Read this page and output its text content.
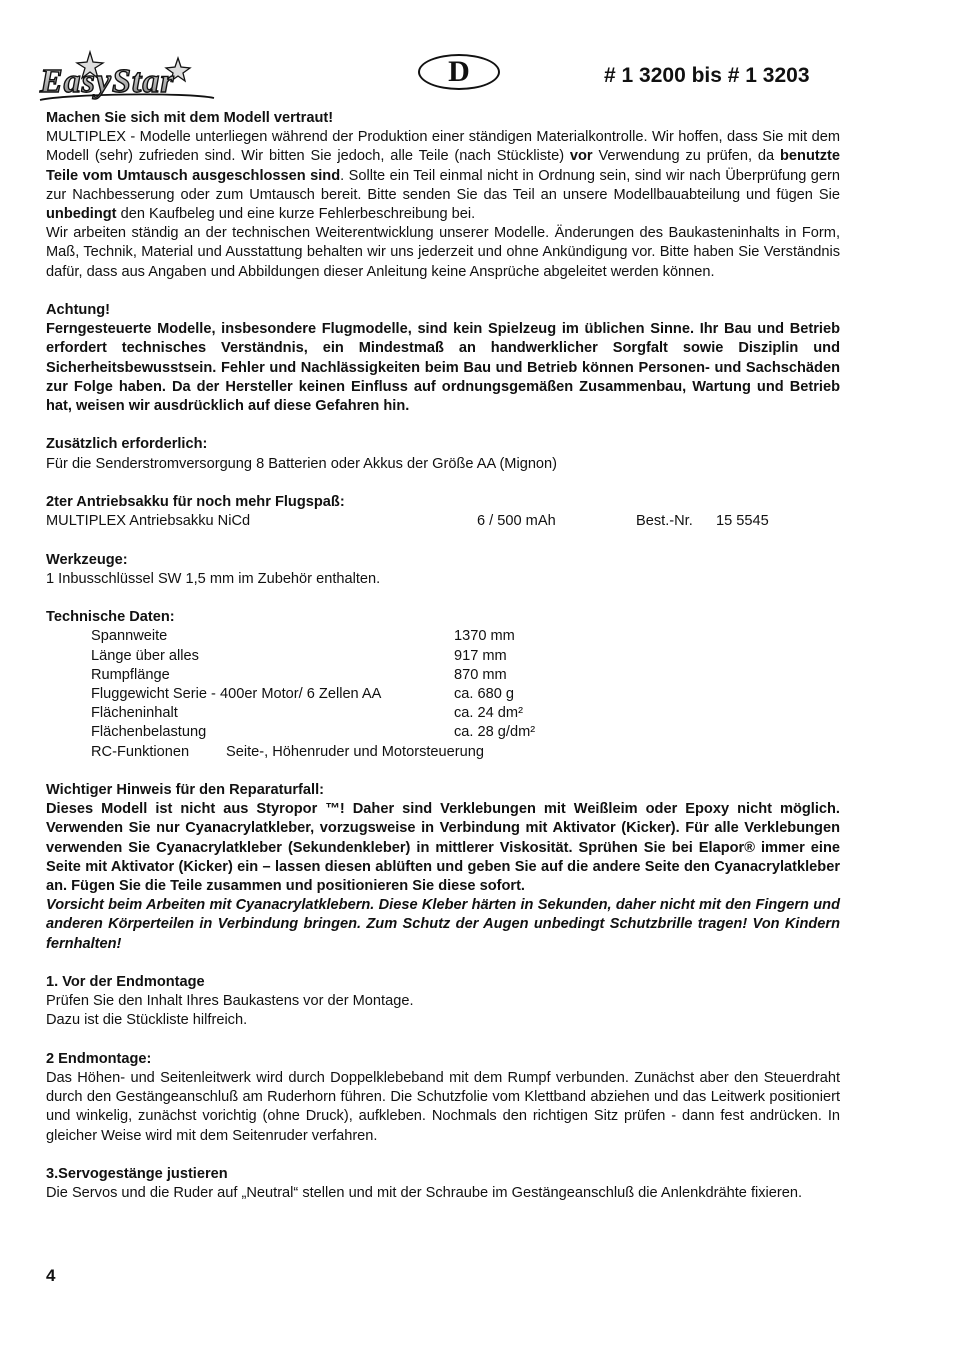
EasyStar	D	# 1 3200 bis # 1 3203

Machen Sie sich mit dem Modell vertraut!

MULTIPLEX - Modelle unterliegen während der Produktion einer ständigen Materialkontrolle. Wir hoffen, dass Sie mit dem Modell (sehr) zufrieden sind. Wir bitten Sie jedoch, alle Teile (nach Stückliste) vor Verwendung zu prüfen, da benutzte Teile vom Umtausch ausgeschlossen sind. Sollte ein Teil einmal nicht in Ordnung sein, sind wir nach Überprüfung gern zur Nachbesserung oder zum Umtausch bereit. Bitte senden Sie das Teil an unsere Modellbauabteilung und fügen Sie unbedingt den Kaufbeleg und eine kurze Fehlerbeschreibung bei.

Wir arbeiten ständig an der technischen Weiterentwicklung unserer Modelle. Änderungen des Baukasteninhalts in Form, Maß, Technik, Material und Ausstattung behalten wir uns jederzeit und ohne Ankündigung vor. Bitte haben Sie Verständnis dafür, dass aus Angaben und Abbildungen dieser Anleitung keine Ansprüche abgeleitet werden können.

Achtung!

Ferngesteuerte Modelle, insbesondere Flugmodelle, sind kein Spielzeug im üblichen Sinne. Ihr Bau und Betrieb erfordert technisches Verständnis, ein Mindestmaß an handwerklicher Sorgfalt sowie Disziplin und Sicherheitsbewusstsein. Fehler und Nachlässigkeiten beim Bau und Betrieb können Personen- und Sachschäden zur Folge haben. Da der Hersteller keinen Einfluss auf ordnungsgemäßen Zusammenbau, Wartung und Betrieb hat, weisen wir ausdrücklich auf diese Gefahren hin.

Zusätzlich erforderlich:

Für die Senderstromversorgung 8 Batterien oder Akkus der Größe AA (Mignon)

2ter Antriebsakku für noch mehr Flugspaß:

MULTIPLEX Antriebsakku NiCd	6 / 500 mAh	Best.-Nr.	15 5545

Werkzeuge:

1 Inbusschlüssel SW 1,5 mm im Zubehör enthalten.

Technische Daten:

Spannweite	1370 mm
Länge über alles	917 mm
Rumpflänge	870 mm
Fluggewicht Serie - 400er Motor/ 6 Zellen AA	ca. 680 g
Flächeninhalt	ca. 24 dm²
Flächenbelastung	ca. 28 g/dm²
RC-Funktionen	Seite-, Höhenruder und Motorsteuerung

Wichtiger Hinweis für den Reparaturfall:

Dieses Modell ist nicht aus Styropor ™! Daher sind Verklebungen mit Weißleim oder Epoxy nicht möglich. Verwenden Sie nur Cyanacrylatkleber, vorzugsweise in Verbindung mit Aktivator (Kicker). Für alle Verklebungen verwenden Sie Cyanacrylatkleber (Sekundenkleber) in mittlerer Viskosität. Sprühen Sie bei Elapor® immer eine Seite mit Aktivator (Kicker) ein – lassen diesen ablüften und geben Sie auf die andere Seite den Cyanacrylatkleber an. Fügen Sie die Teile zusammen und positionieren Sie diese sofort.

Vorsicht beim Arbeiten mit Cyanacrylatklebern. Diese Kleber härten in Sekunden, daher nicht mit den Fingern und anderen Körperteilen in Verbindung bringen. Zum Schutz der Augen unbedingt Schutzbrille tragen! Von Kindern fernhalten!

1. Vor der Endmontage

Prüfen Sie den Inhalt Ihres Baukastens vor der Montage.

Dazu ist die Stückliste hilfreich.

2 Endmontage:

Das Höhen- und Seitenleitwerk wird durch Doppelklebeband mit dem Rumpf verbunden. Zunächst aber den Steuerdraht durch den Gestängeanschluß am Ruderhorn führen. Die Schutzfolie vom Klettband abziehen und das Leitwerk positioniert und winkelig, zunächst vorichtig (ohne Druck), aufkleben. Nochmals den richtigen Sitz prüfen - dann fest andrücken. In gleicher Weise wird mit dem Seitenruder verfahren.

3.Servogestänge justieren

Die Servos und die Ruder auf „Neutral“ stellen und mit der Schraube im Gestängeanschluß die Anlenkdrähte fixieren.

4
